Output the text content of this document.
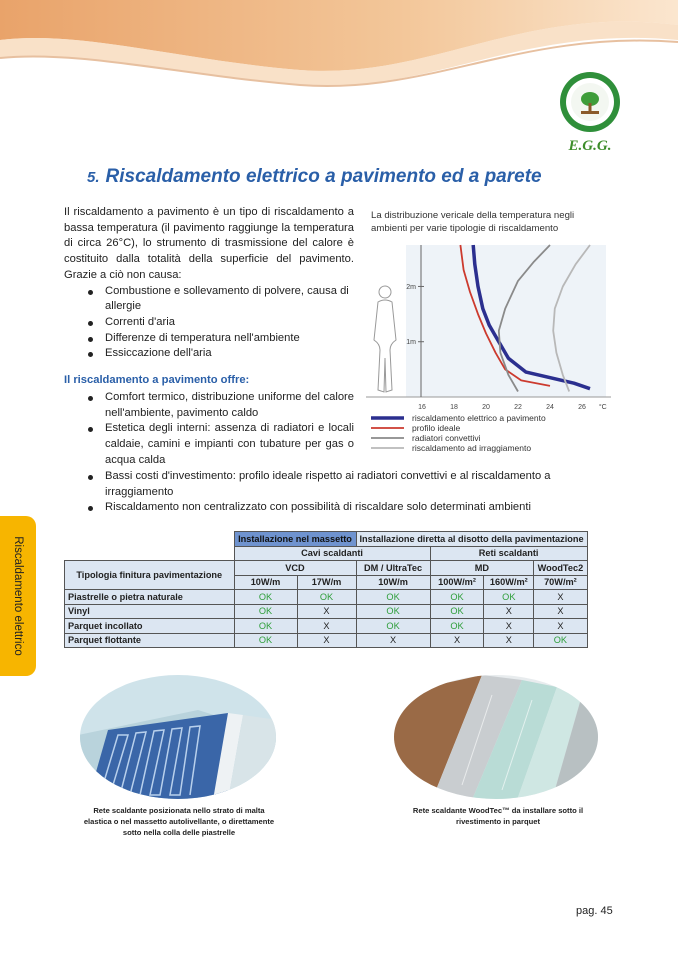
E.G.G.
5. Riscaldamento elettrico a pavimento ed a parete

Il riscaldamento a pavimento è un tipo di riscaldamento a bassa temperatura (il pavimento raggiunge la temperatura di circa 26°C), lo strumento di trasmissione del calore è costituito dalla totalità della superficie del pavimento. Grazie a ciò non causa:

Combustione e sollevamento di polvere, causa di allergie
Correnti d'aria
Differenze di temperatura nell'ambiente
Essiccazione dell'aria
Il riscaldamento a pavimento offre:
Comfort termico, distribuzione uniforme del calore nell'ambiente, pavimento caldo
Estetica degli interni: assenza di radiatori e locali caldaie, camini e impianti con tubature per gas o acqua calda
Bassi costi d'investimento: profilo ideale rispetto ai radiatori convettivi e al riscaldamento a irraggiamento
Riscaldamento non centralizzato con possibilità di riscaldare solo determinati ambienti
La distribuzione vericale della temperatura negli ambienti per varie tipologie di riscaldamento
16	18	20	22	24	26 °C
2m
1m
riscaldamento elettrico a pavimento
profilo ideale
radiatori convettivi
riscaldamento ad irraggiamento
Riscaldamento elettrico
		Installazione nel massetto		Installazione diretta al disotto della pavimentazione			
	Cavi scaldanti			Reti scaldanti		
Tipologia finitura pavimentazione	VCD		DM / UltraTec	MD		WoodTec2
	10W/m	17W/m	10W/m	100W/m²	160W/m²	70W/m²
Piastrelle o pietra naturale	OK	OK	OK	OK	OK	X
Vinyl	OK	X	OK	OK	X	X
Parquet incollato	OK	X	OK	OK	X	X
Parquet flottante	OK	X	X	X	X	OK
Rete scaldante posizionata nello strato di malta elastica o nel massetto autolivellante, o direttamente sotto nella colla delle piastrelle
Rete scaldante WoodTec™ da installare sotto il rivestimento in parquet
pag. 45
